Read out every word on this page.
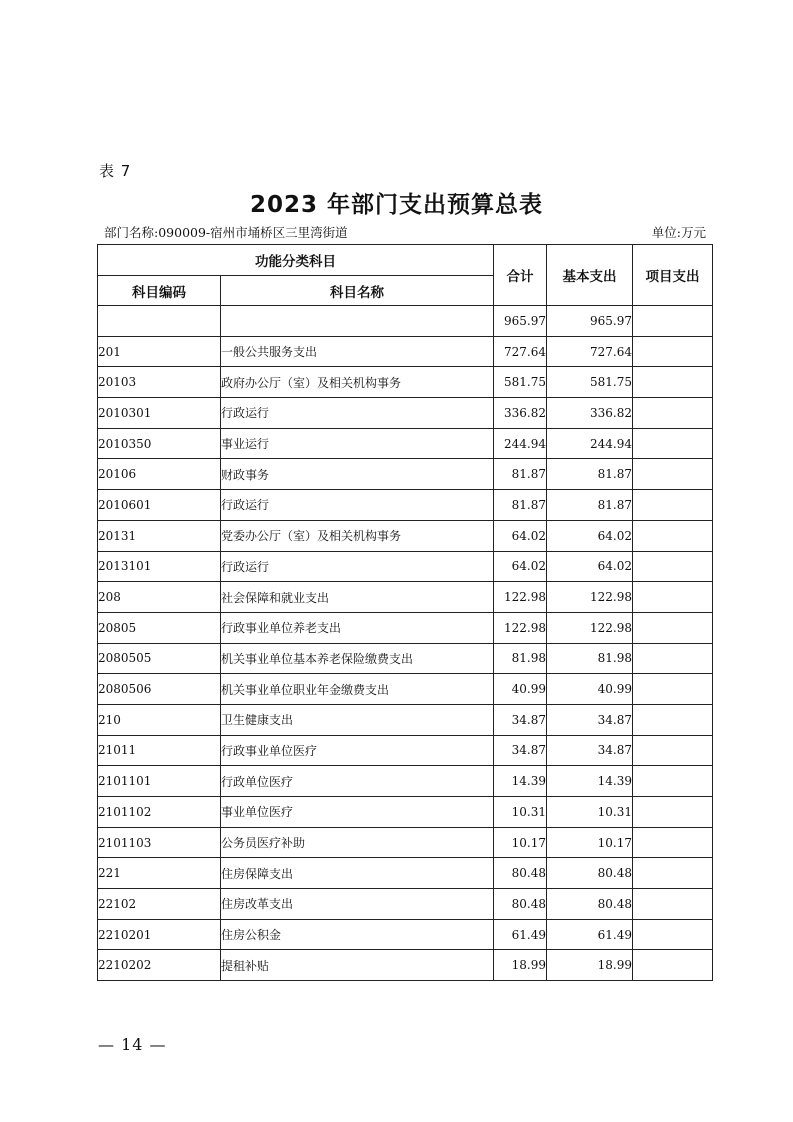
表 7
2023 年部门支出预算总表
部门名称:090009-宿州市埇桥区三里湾街道	单位:万元
功能分类科目		合计	基本支出	项目支出
科目编码	科目名称			
		965.97	965.97	
201	一般公共服务支出	727.64	727.64	
20103	政府办公厅（室）及相关机构事务	581.75	581.75	
2010301	行政运行	336.82	336.82	
2010350	事业运行	244.94	244.94	
20106	财政事务	81.87	81.87	
2010601	行政运行	81.87	81.87	
20131	党委办公厅（室）及相关机构事务	64.02	64.02	
2013101	行政运行	64.02	64.02	
208	社会保障和就业支出	122.98	122.98	
20805	行政事业单位养老支出	122.98	122.98	
2080505	机关事业单位基本养老保险缴费支出	81.98	81.98	
2080506	机关事业单位职业年金缴费支出	40.99	40.99	
210	卫生健康支出	34.87	34.87	
21011	行政事业单位医疗	34.87	34.87	
2101101	行政单位医疗	14.39	14.39	
2101102	事业单位医疗	10.31	10.31	
2101103	公务员医疗补助	10.17	10.17	
221	住房保障支出	80.48	80.48	
22102	住房改革支出	80.48	80.48	
2210201	住房公积金	61.49	61.49	
2210202	提租补贴	18.99	18.99	
— 14 —
